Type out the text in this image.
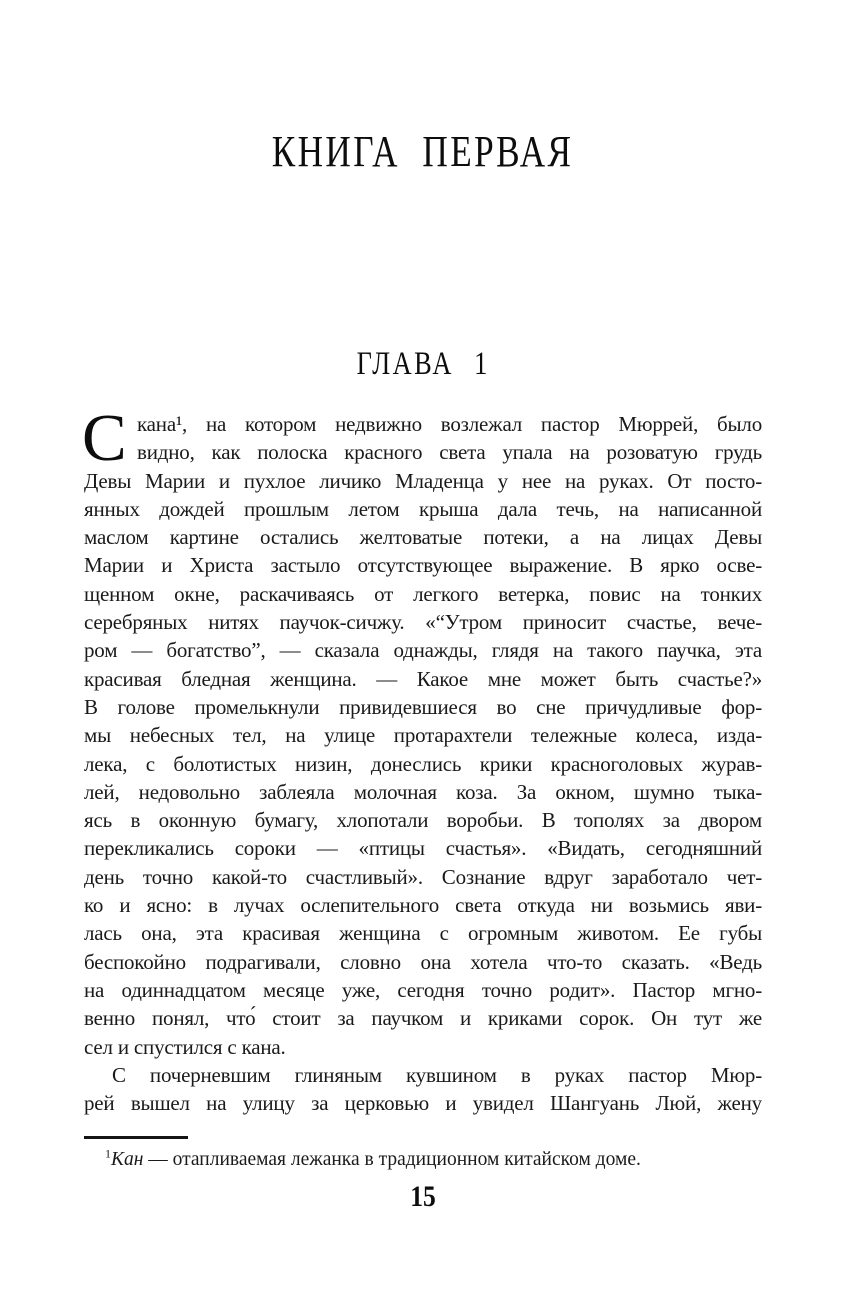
КНИГА ПЕРВАЯ
ГЛАВА 1
С кана¹, на котором недвижно возлежал пастор Мюррей, было
видно, как полоска красного света упала на розоватую грудь
Девы Марии и пухлое личико Младенца у нее на руках. От посто-
янных дождей прошлым летом крыша дала течь, на написанной
маслом картине остались желтоватые потеки, а на лицах Девы
Марии и Христа застыло отсутствующее выражение. В ярко осве-
щенном окне, раскачиваясь от легкого ветерка, повис на тонких
серебряных нитях паучок-сичжу. «“Утром приносит счастье, вече-
ром — богатство”, — сказала однажды, глядя на такого паучка, эта
красивая бледная женщина. — Какое мне может быть счастье?»
В голове промелькнули привидевшиеся во сне причудливые фор-
мы небесных тел, на улице протарахтели тележные колеса, изда-
лека, с болотистых низин, донеслись крики красноголовых журав-
лей, недовольно заблеяла молочная коза. За окном, шумно тыка-
ясь в оконную бумагу, хлопотали воробьи. В тополях за двором
перекликались сороки — «птицы счастья». «Видать, сегодняшний
день точно какой-то счастливый». Сознание вдруг заработало чет-
ко и ясно: в лучах ослепительного света откуда ни возьмись яви-
лась она, эта красивая женщина с огромным животом. Ее губы
беспокойно подрагивали, словно она хотела что-то сказать. «Ведь
на одиннадцатом месяце уже, сегодня точно родит». Пастор мгно-
венно понял, что́ стоит за паучком и криками сорок. Он тут же
сел и спустился с кана.
С почерневшим глиняным кувшином в руках пастор Мюр-
рей вышел на улицу за церковью и увидел Шангуань Люй, жену
$^1$Кан — отапливаемая лежанка в традиционном китайском доме.
15
